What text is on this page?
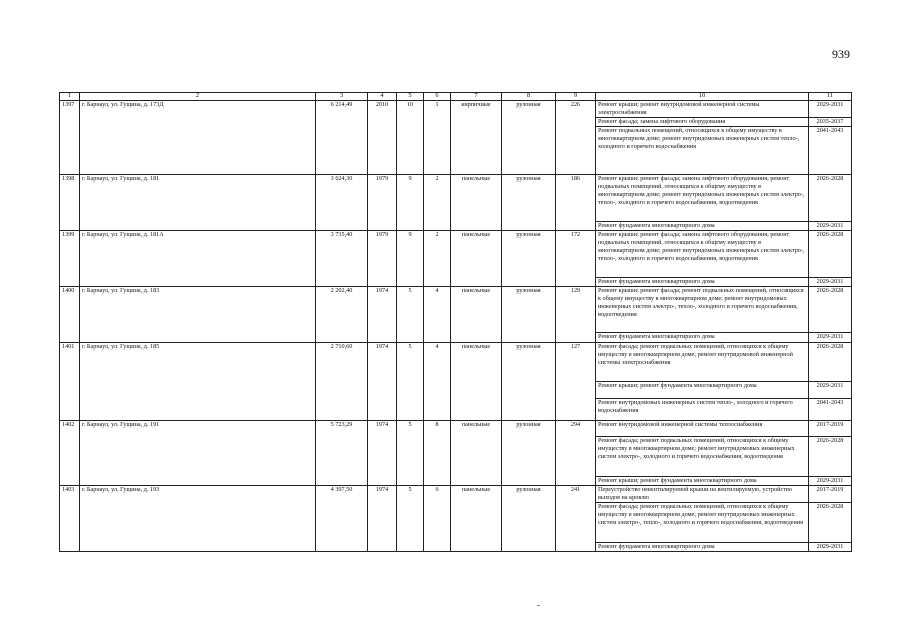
939
1	2	3	4	5	6	7	8	9	10	11
1397	г. Барнаул, ул. Гущина, д. 173Д	6 214,49	2010	10	1	кирпичные	рулонная	226	Ремонт крыши; ремонт внутридомовой инженерной системы электроснабжения	2029-2031
									Ремонт фасада; замена лифтового оборудования	2035-2037
									Ремонт подвальных помещений, относящихся к общему имуществу в многоквартирном доме; ремонт внутридомовых инженерных систем тепло-, холодного и горячего водоснабжения	2041-2043
1398	г. Барнаул, ул. Гущина, д. 181	3 624,30	1979	9	2	панельные	рулонная	186	Ремонт крыши; ремонт фасада; замена лифтового оборудования; ремонт подвальных помещений, относящихся к общему имуществу в многоквартирном доме; ремонт внутридомовых инженерных систем электро-, тепло-, холодного и горячего водоснабжения, водоотведения	2026-2028
									Ремонт фундамента многоквартирного дома	2029-2031
1399	г. Барнаул, ул. Гущина, д. 181А	3 735,40	1979	9	2	панельные	рулонная	172	Ремонт крыши; ремонт фасада; замена лифтового оборудования; ремонт подвальных помещений, относящихся к общему имуществу в многоквартирном доме; ремонт внутридомовых инженерных систем электро-, тепло-, холодного и горячего водоснабжения, водоотведения	2026-2028
									Ремонт фундамента многоквартирного дома	2029-2031
1400	г. Барнаул, ул. Гущина, д. 183	2 202,40	1974	5	4	панельные	рулонная	129	Ремонт крыши; ремонт фасада; ремонт подвальных помещений, относящихся к общему имуществу в многоквартирном доме; ремонт внутридомовых инженерных систем электро-, тепло-, холодного и горячего водоснабжения, водоотведения	2026-2028
									Ремонт фундамента многоквартирного дома	2029-2031
1401	г. Барнаул, ул. Гущина, д. 185	2 710,60	1974	5	4	панельные	рулонная	127	Ремонт фасада; ремонт подвальных помещений, относящихся к общему имуществу в многоквартирном доме; ремонт внутридомовой инженерной системы электроснабжения	2026-2028
									Ремонт крыши; ремонт фундамента многоквартирного дома	2029-2031
									Ремонт внутридомовых инженерных систем тепло-, холодного и горячего водоснабжения	2041-2043
1402	г. Барнаул, ул. Гущина, д. 191	5 723,29	1974	5	8	панельные	рулонная	294	Ремонт внутридомовой инженерной системы теплоснабжения	2017-2019
									Ремонт фасада; ремонт подвальных помещений, относящихся к общему имуществу в многоквартирном доме; ремонт внутридомовых инженерных систем электро-, холодного и горячего водоснабжения, водоотведения	2026-2028
									Ремонт крыши; ремонт фундамента многоквартирного дома	2029-2031
1403	г. Барнаул, ул. Гущина, д. 193	4 397,50	1974	5	6	панельные	рулонная	241	Переустройство невентилируемой крыши на вентилируемую, устройство выходов на кровлю	2017-2019
									Ремонт фасада; ремонт подвальных помещений, относящихся к общему имуществу в многоквартирном доме; ремонт внутридомовых инженерных систем электро-, тепло-, холодного и горячего водоснабжения, водоотведения	2026-2028
									Ремонт фундамента многоквартирного дома	2029-2031
